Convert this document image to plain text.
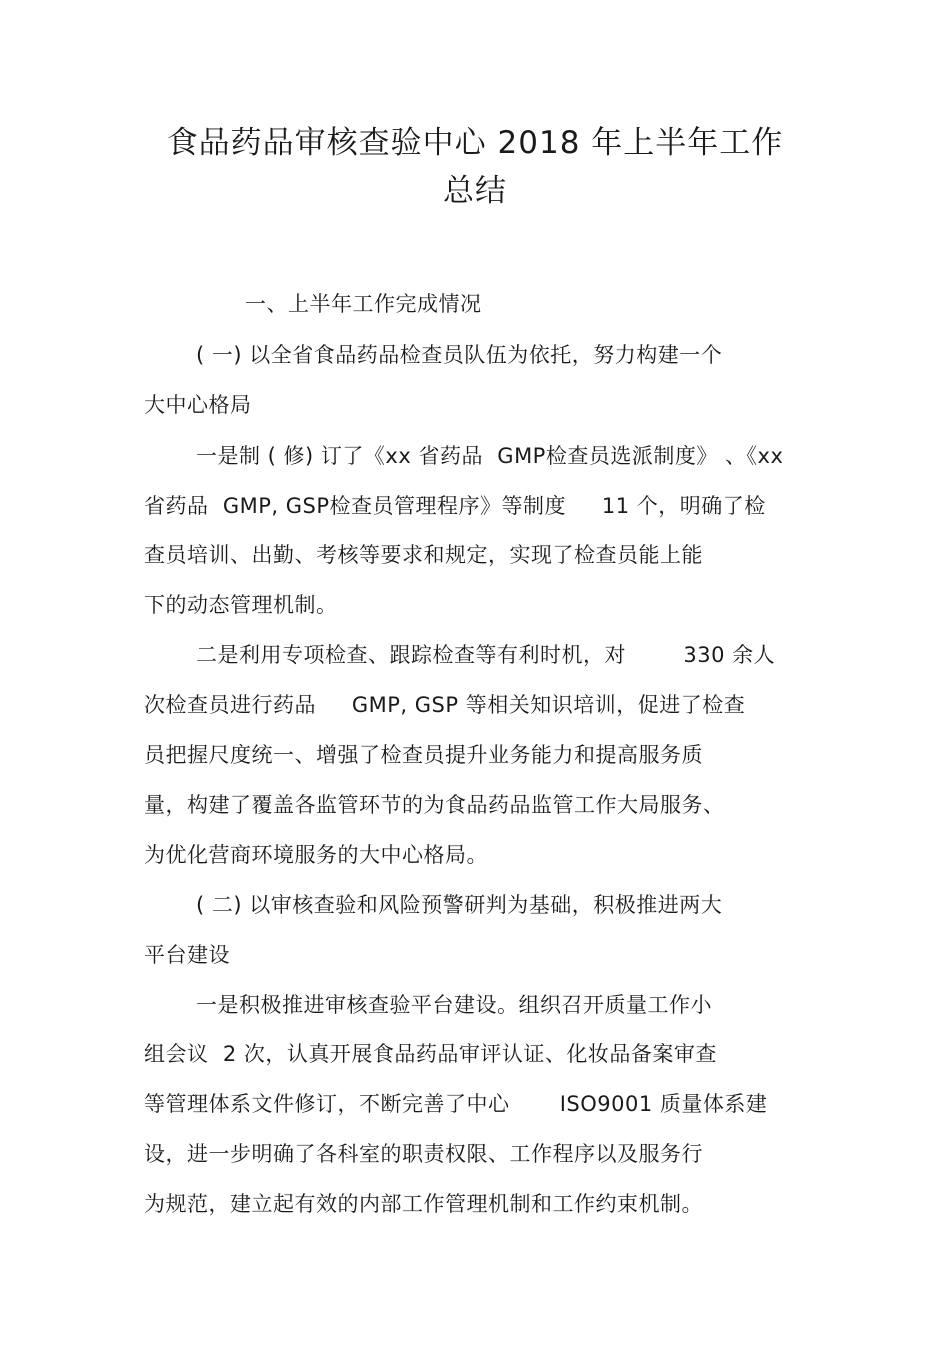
食品药品审核查验中心 2018 年上半年工作
总结
一、上半年工作完成情况
( 一) 以全省食品药品检查员队伍为依托，努力构建一个
大中心格局
一是制 ( 修) 订了《xx 省药品  GMP检查员选派制度》 、《xx
省药品  GMP, GSP检查员管理程序》等制度     11 个，明确了检
查员培训、出勤、考核等要求和规定，实现了检查员能上能
下的动态管理机制。
二是利用专项检查、跟踪检查等有利时机，对        330 余人
次检查员进行药品     GMP, GSP 等相关知识培训，促进了检查
员把握尺度统一、增强了检查员提升业务能力和提高服务质
量，构建了覆盖各监管环节的为食品药品监管工作大局服务、
为优化营商环境服务的大中心格局。
( 二) 以审核查验和风险预警研判为基础，积极推进两大
平台建设
一是积极推进审核查验平台建设。组织召开质量工作小
组会议  2 次，认真开展食品药品审评认证、化妆品备案审查
等管理体系文件修订，不断完善了中心       ISO9001 质量体系建
设，进一步明确了各科室的职责权限、工作程序以及服务行
为规范，建立起有效的内部工作管理机制和工作约束机制。
